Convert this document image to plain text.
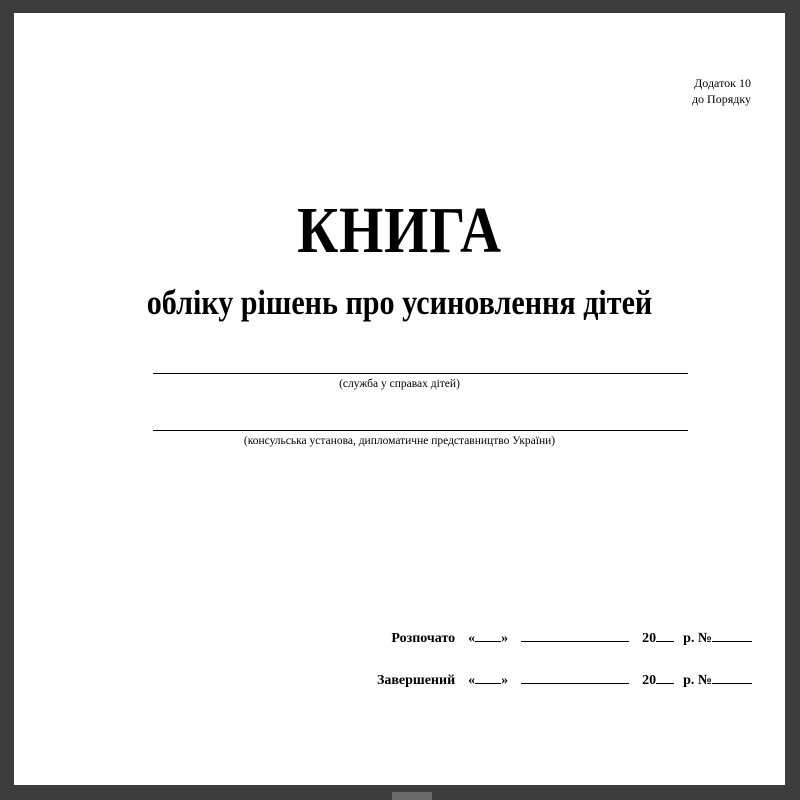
Додаток 10
до Порядку
КНИГА
обліку рішень про усиновлення дітей
(служба у справах дітей)
(консульська установа, дипломатичне представництво України)
Розпочато « »	20 р. №
Завершений « »	20 р. №
